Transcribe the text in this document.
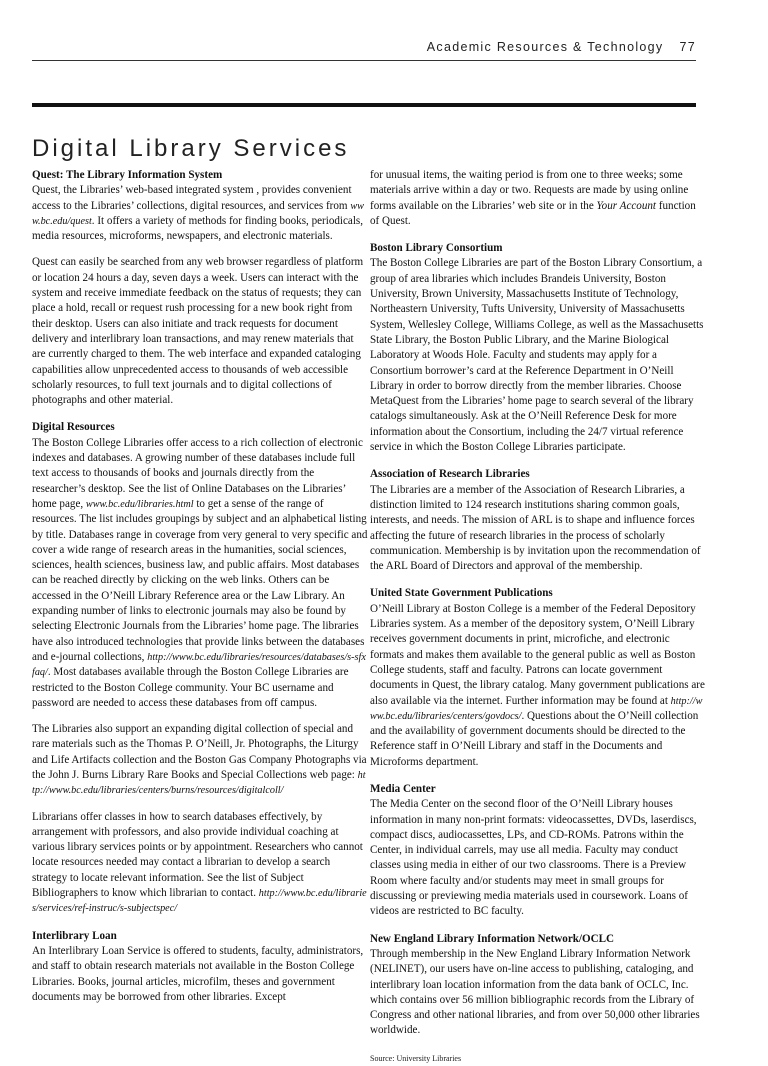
Academic Resources & Technology 77
Digital Library Services
Quest: The Library Information System

Quest, the Libraries’ web-based integrated system , provides convenient access to the Libraries’ collections, digital resources, and services from www.bc.edu/quest. It offers a variety of methods for finding books, periodicals, media resources, microforms, newspapers, and electronic materials.

Quest can easily be searched from any web browser regardless of platform or location 24 hours a day, seven days a week. Users can interact with the system and receive immediate feedback on the status of requests; they can place a hold, recall or request rush processing for a new book right from their desktop. Users can also initiate and track requests for document delivery and interlibrary loan transactions, and may renew materials that are currently charged to them. The web interface and expanded cataloging capabilities allow unprecedented access to thousands of web accessible scholarly resources, to full text journals and to digital collections of photographs and other material.

Digital Resources

The Boston College Libraries offer access to a rich collection of electronic indexes and databases. A growing number of these databases include full text access to thousands of books and journals directly from the researcher’s desktop. See the list of Online Databases on the Libraries’ home page, www.bc.edu/libraries.html to get a sense of the range of resources. The list includes groupings by subject and an alphabetical listing by title. Databases range in coverage from very general to very specific and cover a wide range of research areas in the humanities, social sciences, sciences, health sciences, business law, and public affairs. Most databases can be reached directly by clicking on the web links. Others can be accessed in the O’Neill Library Reference area or the Law Library. An expanding number of links to electronic journals may also be found by selecting Electronic Journals from the Libraries’ home page. The libraries have also introduced technologies that provide links between the databases and e-journal collections, http://www.bc.edu/libraries/resources/databases/s-sfxfaq/. Most databases available through the Boston College Libraries are restricted to the Boston College community. Your BC username and password are needed to access these databases from off campus.

The Libraries also support an expanding digital collection of special and rare materials such as the Thomas P. O’Neill, Jr. Photographs, the Liturgy and Life Artifacts collection and the Boston Gas Company Photographs via the John J. Burns Library Rare Books and Special Collections web page: http://www.bc.edu/libraries/centers/burns/resources/digitalcoll/

Librarians offer classes in how to search databases effectively, by arrangement with professors, and also provide individual coaching at various library services points or by appointment. Researchers who cannot locate resources needed may contact a librarian to develop a search strategy to locate relevant information. See the list of Subject Bibliographers to know which librarian to contact. http://www.bc.edu/libraries/services/ref-instruc/s-subjectspec/

Interlibrary Loan

An Interlibrary Loan Service is offered to students, faculty, administrators, and staff to obtain research materials not available in the Boston College Libraries. Books, journal articles, microfilm, theses and government documents may be borrowed from other libraries. Except

for unusual items, the waiting period is from one to three weeks; some materials arrive within a day or two. Requests are made by using online forms available on the Libraries’ web site or in the Your Account function of Quest.

Boston Library Consortium

The Boston College Libraries are part of the Boston Library Consortium, a group of area libraries which includes Brandeis University, Boston University, Brown University, Massachusetts Institute of Technology, Northeastern University, Tufts University, University of Massachusetts System, Wellesley College, Williams College, as well as the Massachusetts State Library, the Boston Public Library, and the Marine Biological Laboratory at Woods Hole. Faculty and students may apply for a Consortium borrower’s card at the Reference Department in O’Neill Library in order to borrow directly from the member libraries. Choose MetaQuest from the Libraries’ home page to search several of the library catalogs simultaneously. Ask at the O’Neill Reference Desk for more information about the Consortium, including the 24/7 virtual reference service in which the Boston College Libraries participate.

Association of Research Libraries

The Libraries are a member of the Association of Research Libraries, a distinction limited to 124 research institutions sharing common goals, interests, and needs. The mission of ARL is to shape and influence forces affecting the future of research libraries in the process of scholarly communication. Membership is by invitation upon the recommendation of the ARL Board of Directors and approval of the membership.

United State Government Publications

O’Neill Library at Boston College is a member of the Federal Depository Libraries system. As a member of the depository system, O’Neill Library receives government documents in print, microfiche, and electronic formats and makes them available to the general public as well as Boston College students, staff and faculty. Patrons can locate government documents in Quest, the library catalog. Many government publications are also available via the internet. Further information may be found at http://www.bc.edu/libraries/centers/govdocs/. Questions about the O’Neill collection and the availability of government documents should be directed to the Reference staff in O’Neill Library and staff in the Documents and Microforms department.

Media Center

The Media Center on the second floor of the O’Neill Library houses information in many non-print formats: videocassettes, DVDs, laserdiscs, compact discs, audiocassettes, LPs, and CD-ROMs. Patrons within the Center, in individual carrels, may use all media. Faculty may conduct classes using media in either of our two classrooms. There is a Preview Room where faculty and/or students may meet in small groups for discussing or previewing media materials used in coursework. Loans of videos are restricted to BC faculty.

New England Library Information Network/OCLC

Through membership in the New England Library Information Network (NELINET), our users have on-line access to publishing, cataloging, and interlibrary loan location information from the data bank of OCLC, Inc. which contains over 56 million bibliographic records from the Library of Congress and other national libraries, and from over 50,000 other libraries worldwide.

Source: University Libraries
